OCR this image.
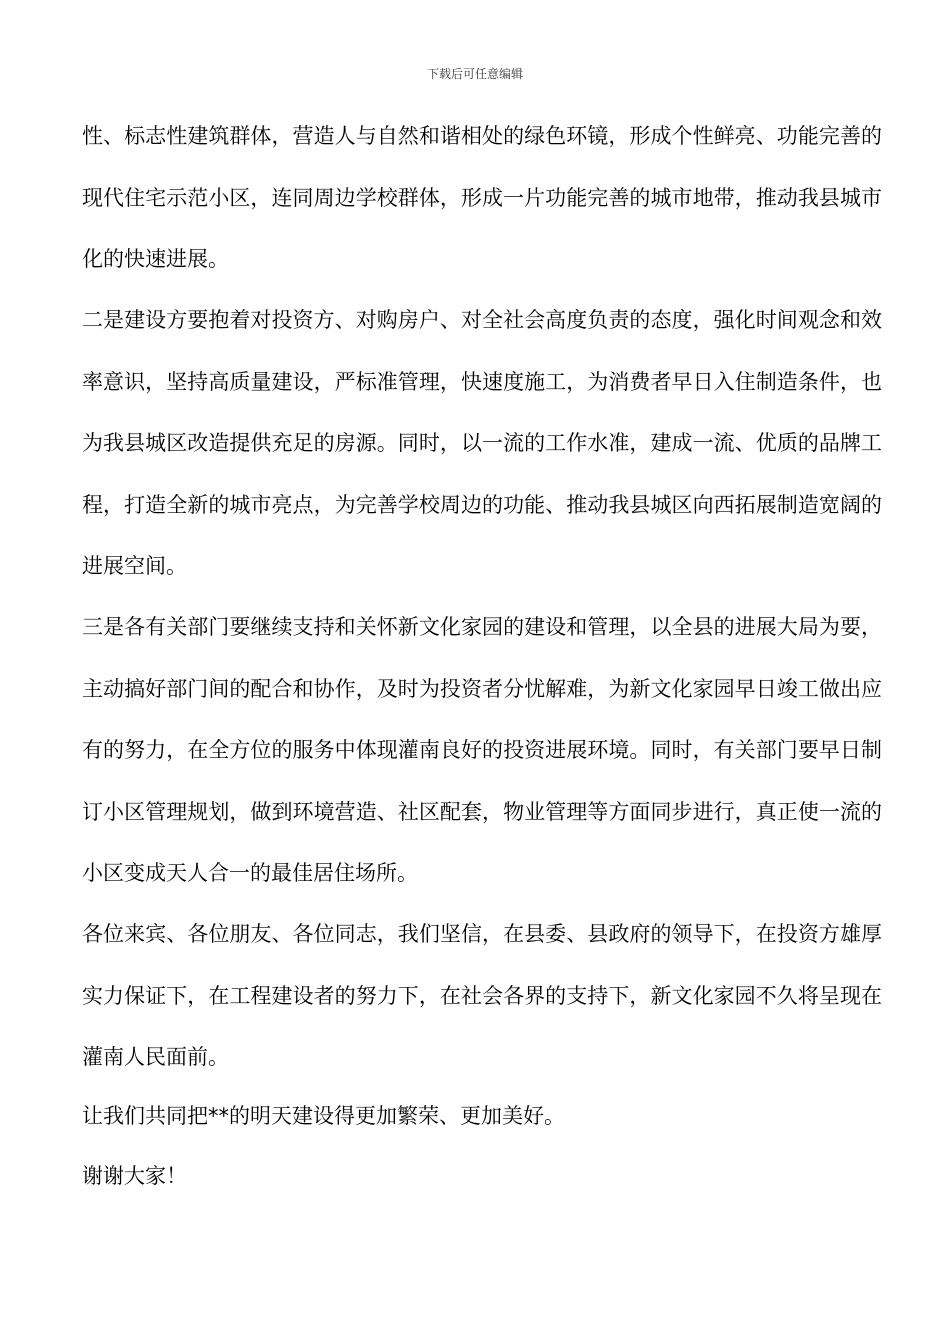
下载后可任意编辑

性、标志性建筑群体，营造人与自然和谐相处的绿色环镜，形成个性鲜亮、功能完善的现代住宅示范小区，连同周边学校群体，形成一片功能完善的城市地带，推动我县城市化的快速进展。

二是建设方要抱着对投资方、对购房户、对全社会高度负责的态度，强化时间观念和效率意识，坚持高质量建设，严标准管理，快速度施工，为消费者早日入住制造条件，也为我县城区改造提供充足的房源。同时，以一流的工作水准，建成一流、优质的品牌工程，打造全新的城市亮点，为完善学校周边的功能、推动我县城区向西拓展制造宽阔的进展空间。

三是各有关部门要继续支持和关怀新文化家园的建设和管理，以全县的进展大局为要，主动搞好部门间的配合和协作，及时为投资者分忧解难，为新文化家园早日竣工做出应有的努力，在全方位的服务中体现灌南良好的投资进展环境。同时，有关部门要早日制订小区管理规划，做到环境营造、社区配套，物业管理等方面同步进行，真正使一流的小区变成天人合一的最佳居住场所。

各位来宾、各位朋友、各位同志，我们坚信，在县委、县政府的领导下，在投资方雄厚实力保证下，在工程建设者的努力下，在社会各界的支持下，新文化家园不久将呈现在灌南人民面前。

让我们共同把**的明天建设得更加繁荣、更加美好。

谢谢大家！
